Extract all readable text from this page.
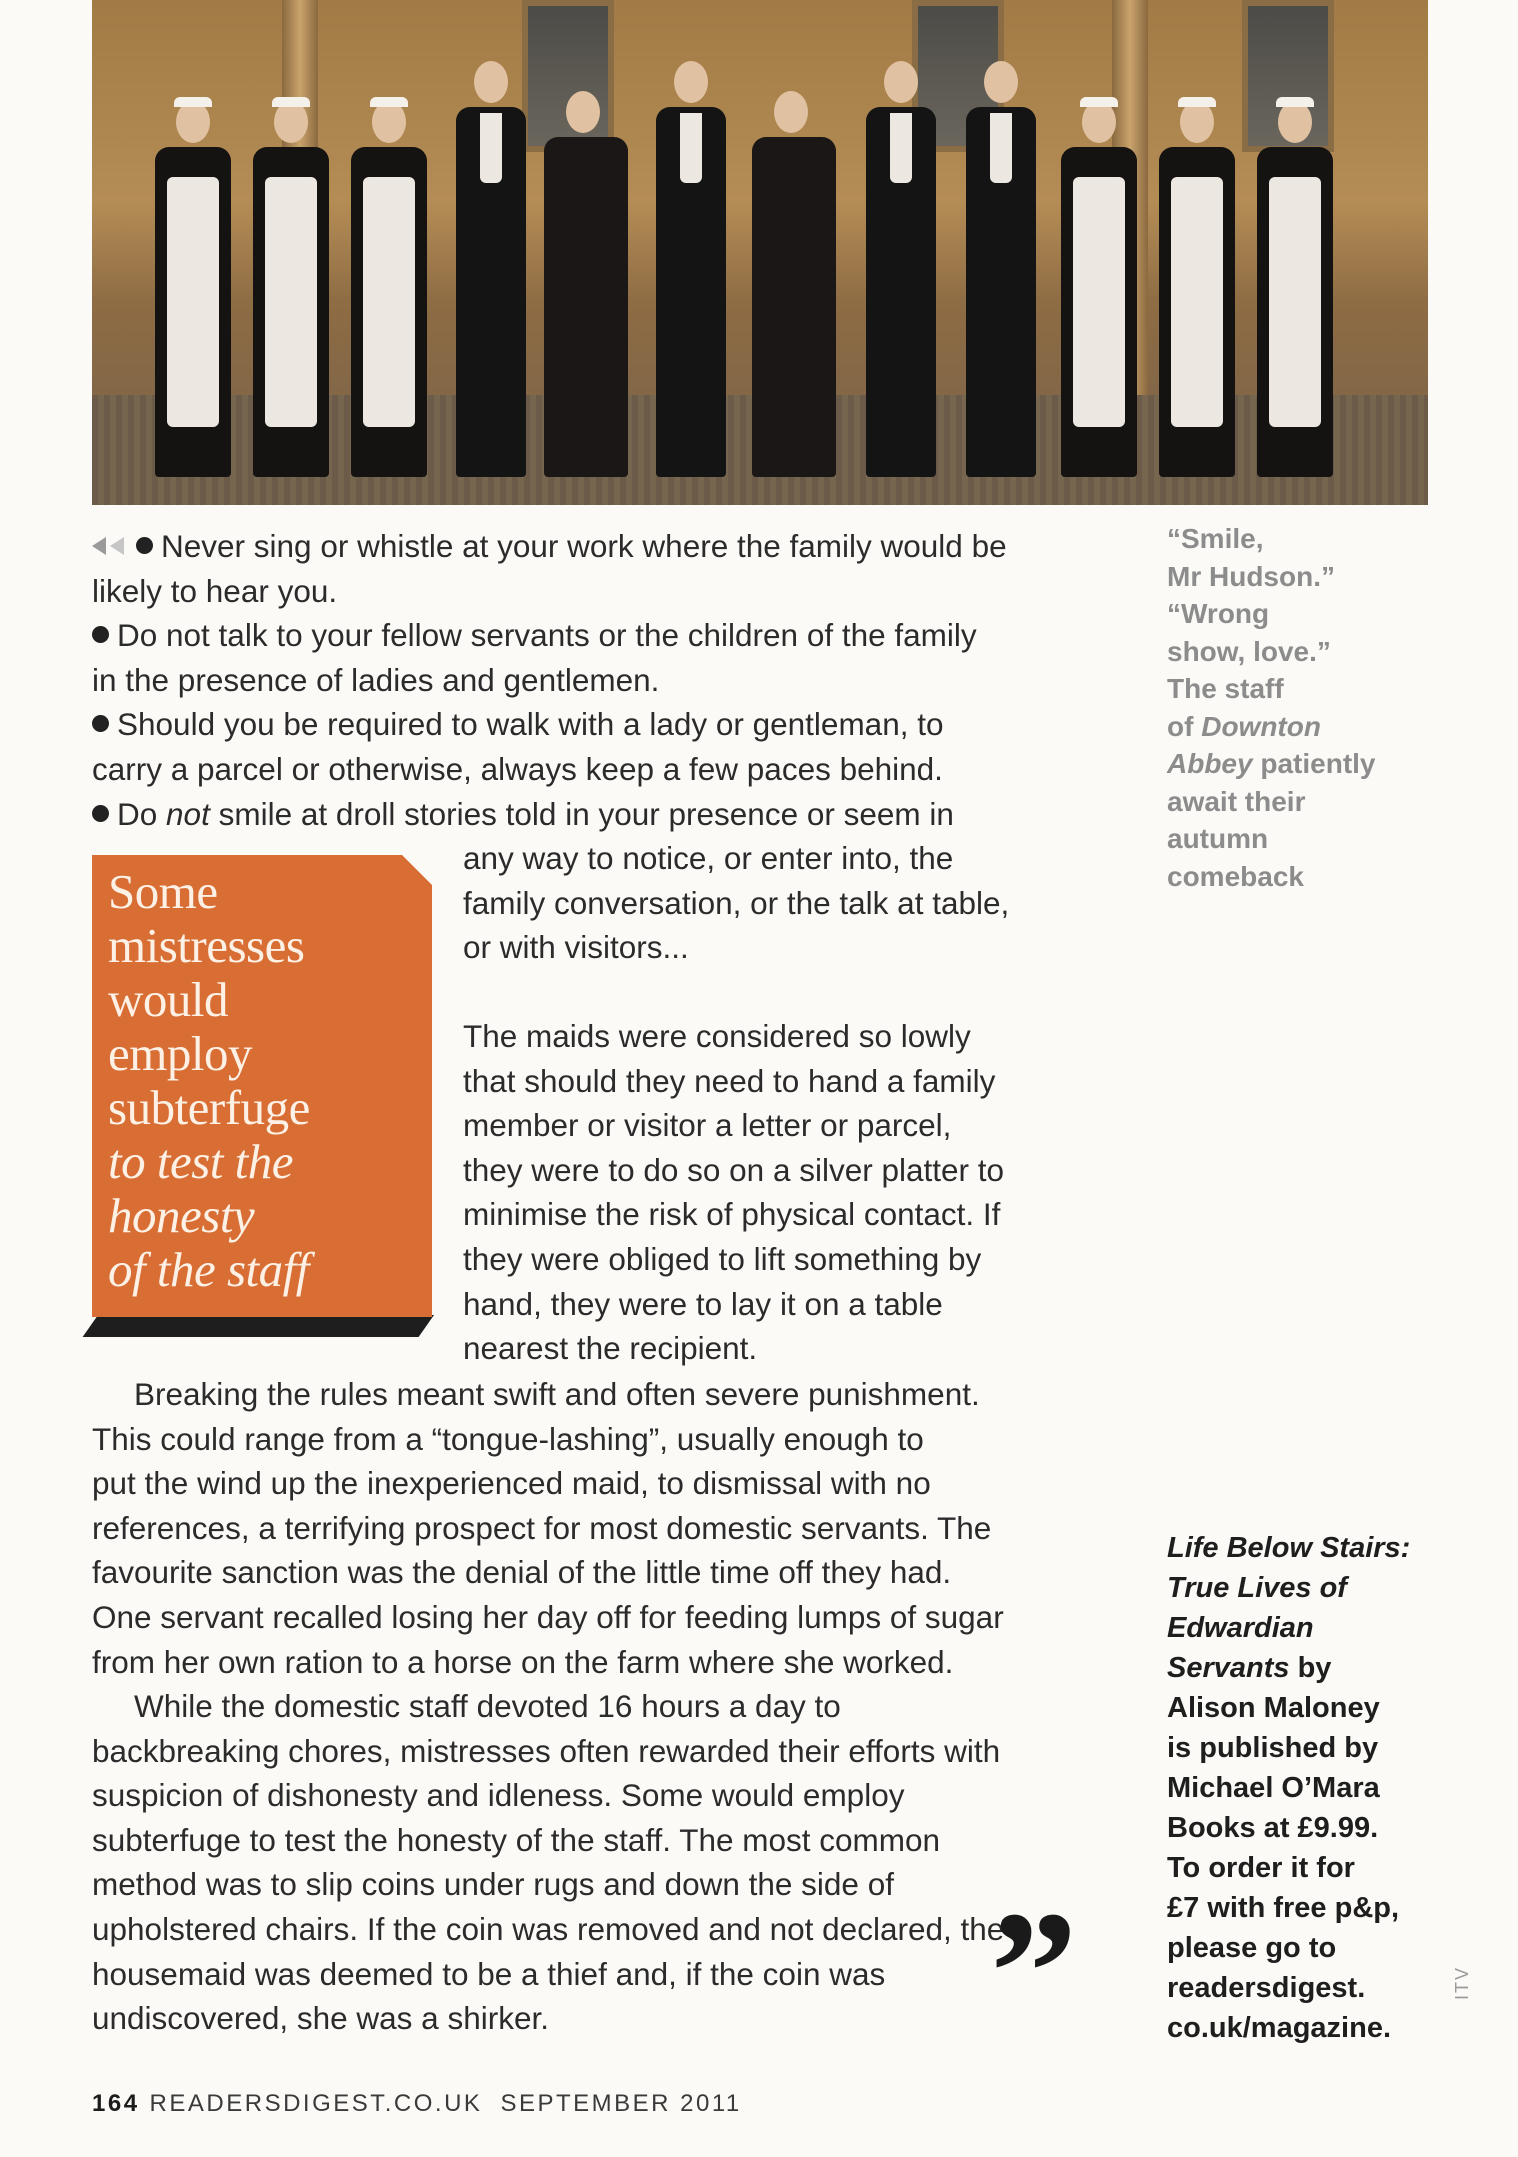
Never sing or whistle at your work where the family would be

likely to hear you.

Do not talk to your fellow servants or the children of the family

in the presence of ladies and gentlemen.

Should you be required to walk with a lady or gentleman, to

carry a parcel or otherwise, always keep a few paces behind.

Do not smile at droll stories told in your presence or seem in

Some
mistresses
would
employ
subterfuge
to test the
honesty
of the staff

any way to notice, or enter into, the

family conversation, or the talk at table,

or with visitors...

The maids were considered so lowly

that should they need to hand a family

member or visitor a letter or parcel,

they were to do so on a silver platter to

minimise the risk of physical contact. If

they were obliged to lift something by

hand, they were to lay it on a table

nearest the recipient.

Breaking the rules meant swift and often severe punishment.

This could range from a “tongue-lashing”, usually enough to

put the wind up the inexperienced maid, to dismissal with no

references, a terrifying prospect for most domestic servants. The

favourite sanction was the denial of the little time off they had.

One servant recalled losing her day off for feeding lumps of sugar

from her own ration to a horse on the farm where she worked.

While the domestic staff devoted 16 hours a day to

backbreaking chores, mistresses often rewarded their efforts with

suspicion of dishonesty and idleness. Some would employ

subterfuge to test the honesty of the staff. The most common

method was to slip coins under rugs and down the side of

upholstered chairs. If the coin was removed and not declared, the

housemaid was deemed to be a thief and, if the coin was

undiscovered, she was a shirker.	”
“Smile,
Mr Hudson.”
“Wrong
show, love.”
The staff
of Downton
Abbey patiently
await their
autumn
comeback
Life Below Stairs:
True Lives of
Edwardian
Servants by
Alison Maloney
is published by
Michael O’Mara
Books at £9.99.
To order it for
£7 with free p&p,
please go to
readersdigest.
co.uk/magazine.
ITV
164 READERSDIGEST.CO.UK SEPTEMBER 2011
